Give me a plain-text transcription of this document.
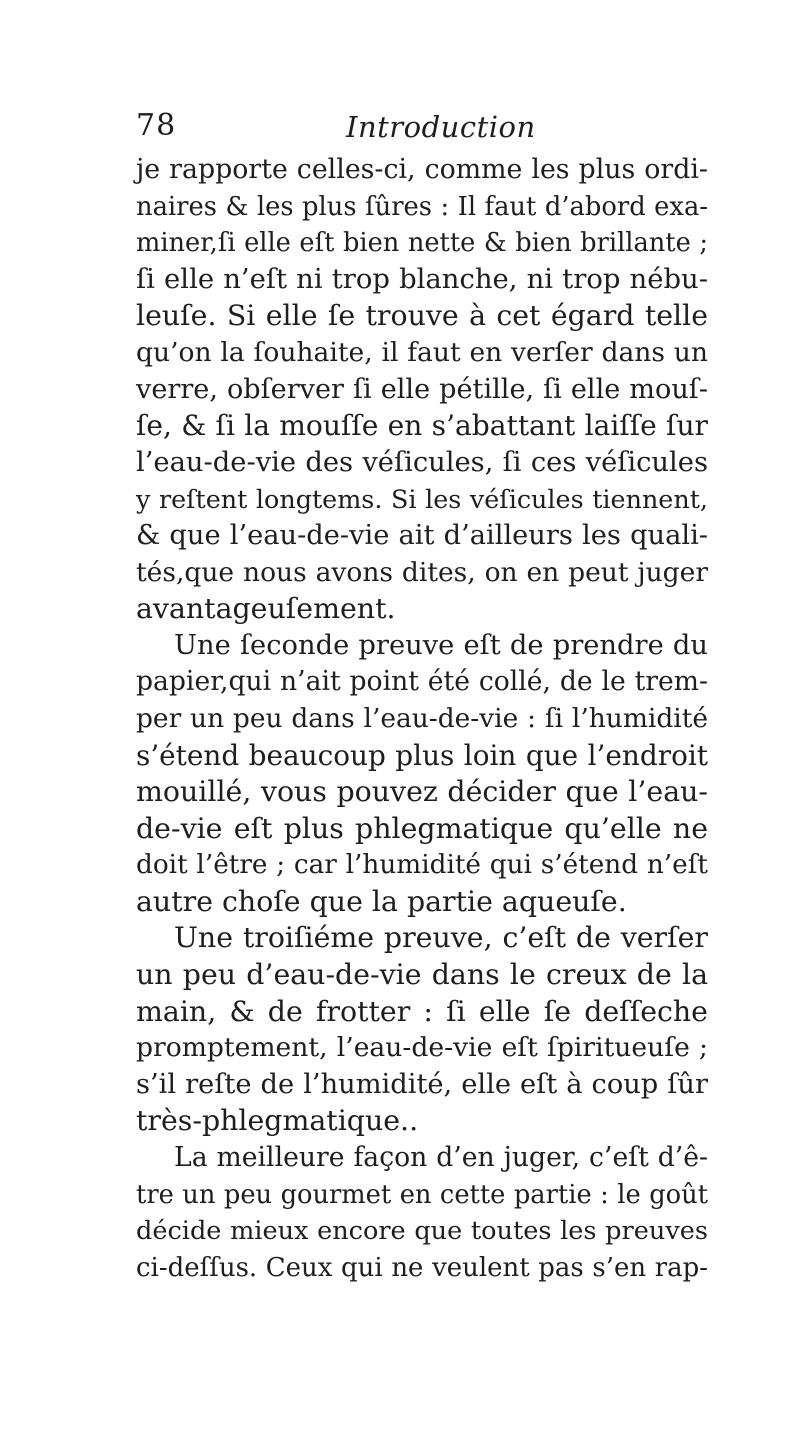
78	Introduction
je rapporte celles-ci, comme les plus ordi-
naires & les plus ſûres : Il faut d’abord exa-
miner,ſi elle eſt bien nette & bien brillante ;
ſi elle n’eſt ni trop blanche, ni trop nébu-
leuſe. Si elle ſe trouve à cet égard telle
qu’on la ſouhaite, il faut en verſer dans un
verre, obſerver ſi elle pétille, ſi elle mouſ-
ſe, & ſi la mouſſe en s’abattant laiſſe ſur
l’eau-de-vie des véſicules, ſi ces véſicules
y reſtent longtems. Si les véſicules tiennent,
& que l’eau-de-vie ait d’ailleurs les quali-
tés,que nous avons dites, on en peut juger
avantageuſement.
Une ſeconde preuve eſt de prendre du
papier,qui n’ait point été collé, de le trem-
per un peu dans l’eau-de-vie : ſi l’humidité
s’étend beaucoup plus loin que l’endroit
mouillé, vous pouvez décider que l’eau-
de-vie eſt plus phlegmatique qu’elle ne
doit l’être ; car l’humidité qui s’étend n’eſt
autre choſe que la partie aqueuſe.
Une troiſiéme preuve, c’eſt de verſer
un peu d’eau-de-vie dans le creux de la
main, & de frotter : ſi elle ſe deſſeche
promptement, l’eau-de-vie eſt ſpiritueuſe ;
s’il reſte de l’humidité, elle eſt à coup ſûr
très-phlegmatique..
La meilleure façon d’en juger, c’eſt d’ê-
tre un peu gourmet en cette partie : le goût
décide mieux encore que toutes les preuves
ci-deſſus. Ceux qui ne veulent pas s’en rap-
